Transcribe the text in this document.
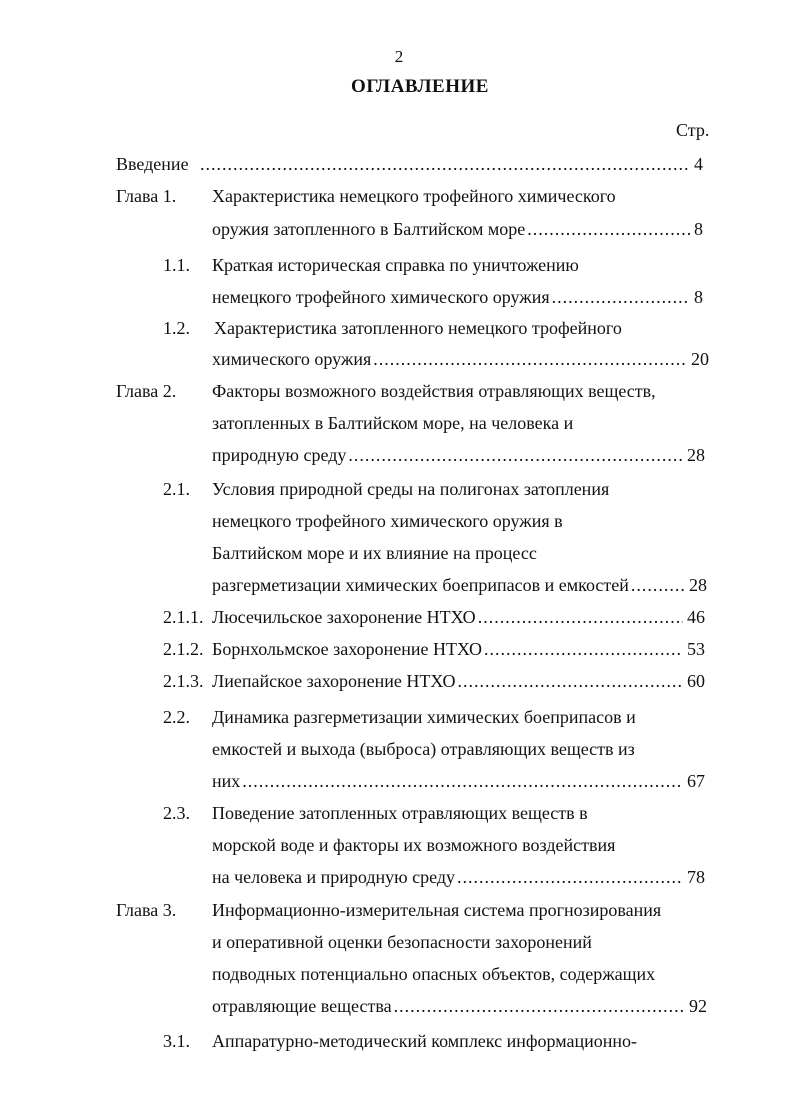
2
ОГЛАВЛЕНИЕ
Стр.
Введение .....	4
Глава 1. Характеристика немецкого трофейного химического
оружия затопленного в Балтийском море .....	8
1.1. Краткая историческая справка по уничтожению
немецкого трофейного химического оружия .....	8
1.2. Характеристика затопленного немецкого трофейного
химического оружия .....	20
Глава 2. Факторы возможного воздействия отравляющих веществ,
затопленных в Балтийском море, на человека и
природную среду .....	28
2.1. Условия природной среды на полигонах затопления
немецкого трофейного химического оружия в
Балтийском море и их влияние на процесс
разгерметизации химических боеприпасов и емкостей .....	28
2.1.1. Люсечильское захоронение НТХО .....	46
2.1.2. Борнхольмское захоронение НТХО .....	53
2.1.3. Лиепайское захоронение НТХО .....	60
2.2. Динамика разгерметизации химических боеприпасов и
емкостей и выхода (выброса) отравляющих веществ из
них .....	67
2.3. Поведение затопленных отравляющих веществ в
морской воде и факторы их возможного воздействия
на человека и природную среду .....	78
Глава 3. Информационно-измерительная система прогнозирования
и оперативной оценки безопасности захоронений
подводных потенциально опасных объектов, содержащих
отравляющие вещества .....	92
3.1. Аппаратурно-методический комплекс информационно-
